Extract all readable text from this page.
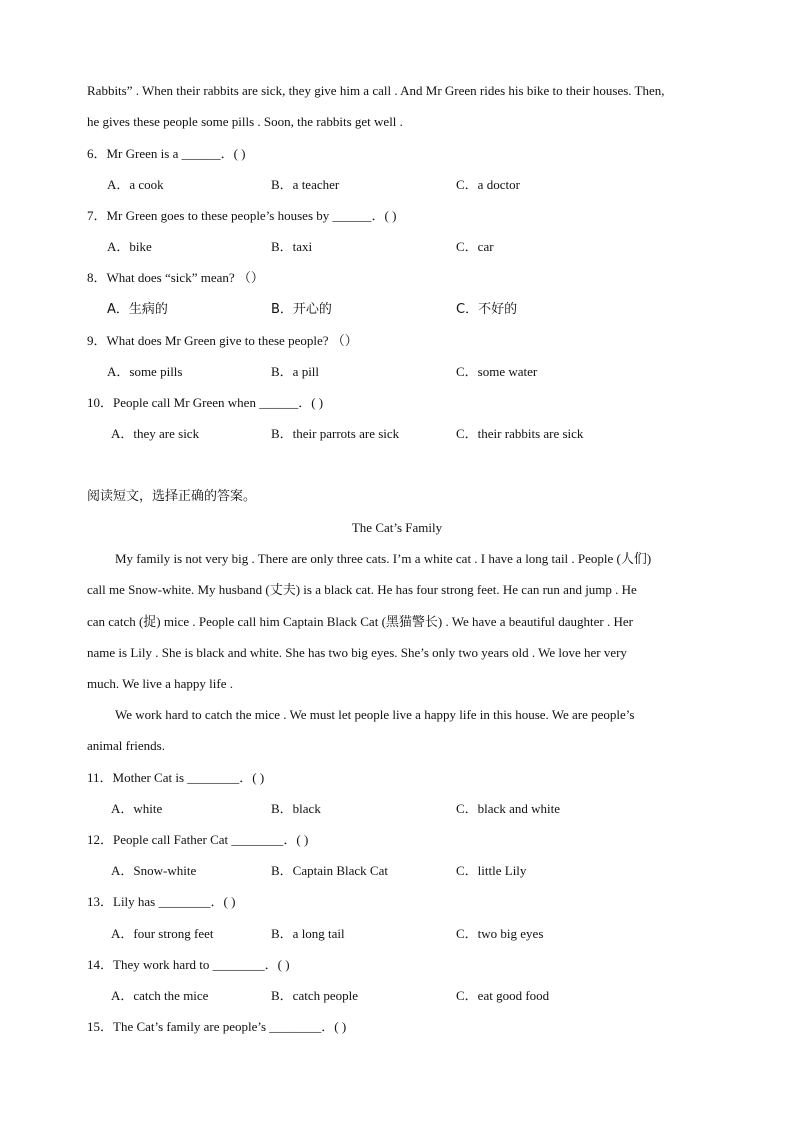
Rabbits” . When their rabbits are sick, they give him a call . And Mr Green rides his bike to their houses. Then,
he gives these people some pills . Soon, the rabbits get well .
6．Mr Green is a ______．( )
A．a cook	B．a teacher	C．a doctor
7．Mr Green goes to these people’s houses by ______．( )
A．bike	B．taxi	C．car
8．What does “sick” mean? （）
A．生病的	B．开心的	C．不好的
9．What does Mr Green give to these people? （）
A．some pills	B．a pill	C．some water
10．People call Mr Green when ______．( )
A．they are sick	B．their parrots are sick	C．their rabbits are sick
阅读短文，选择正确的答案。
The Cat’s Family
My family is not very big . There are only three cats. I’m a white cat . I have a long tail . People (人们)
call me Snow-white. My husband (丈夫) is a black cat. He has four strong feet. He can run and jump . He
can catch (捉) mice . People call him Captain Black Cat (黑猫警长) . We have a beautiful daughter . Her
name is Lily . She is black and white. She has two big eyes. She’s only two years old . We love her very
much. We live a happy life .
We work hard to catch the mice . We must let people live a happy life in this house. We are people’s
animal friends.
11．Mother Cat is ________．( )
A．white	B．black	C．black and white
12．People call Father Cat ________．( )
A．Snow-white	B．Captain Black Cat	C．little Lily
13．Lily has ________．( )
A．four strong feet	B．a long tail	C．two big eyes
14．They work hard to ________．( )
A．catch the mice	B．catch people	C．eat good food
15．The Cat’s family are people’s ________．( )
